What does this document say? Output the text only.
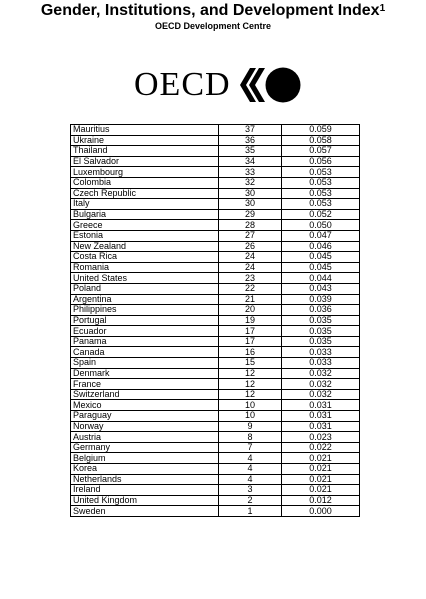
Gender, Institutions, and Development Index$^1$
OECD Development Centre
OECD
Mauritius	37	0.059
Ukraine	36	0.058
Thailand	35	0.057
El Salvador	34	0.056
Luxembourg	33	0.053
Colombia	32	0.053
Czech Republic	30	0.053
Italy	30	0.053
Bulgaria	29	0.052
Greece	28	0.050
Estonia	27	0.047
New Zealand	26	0.046
Costa Rica	24	0.045
Romania	24	0.045
United States	23	0.044
Poland	22	0.043
Argentina	21	0.039
Philippines	20	0.036
Portugal	19	0.035
Ecuador	17	0.035
Panama	17	0.035
Canada	16	0.033
Spain	15	0.033
Denmark	12	0.032
France	12	0.032
Switzerland	12	0.032
Mexico	10	0.031
Paraguay	10	0.031
Norway	9	0.031
Austria	8	0.023
Germany	7	0.022
Belgium	4	0.021
Korea	4	0.021
Netherlands	4	0.021
Ireland	3	0.021
United Kingdom	2	0.012
Sweden	1	0.000
